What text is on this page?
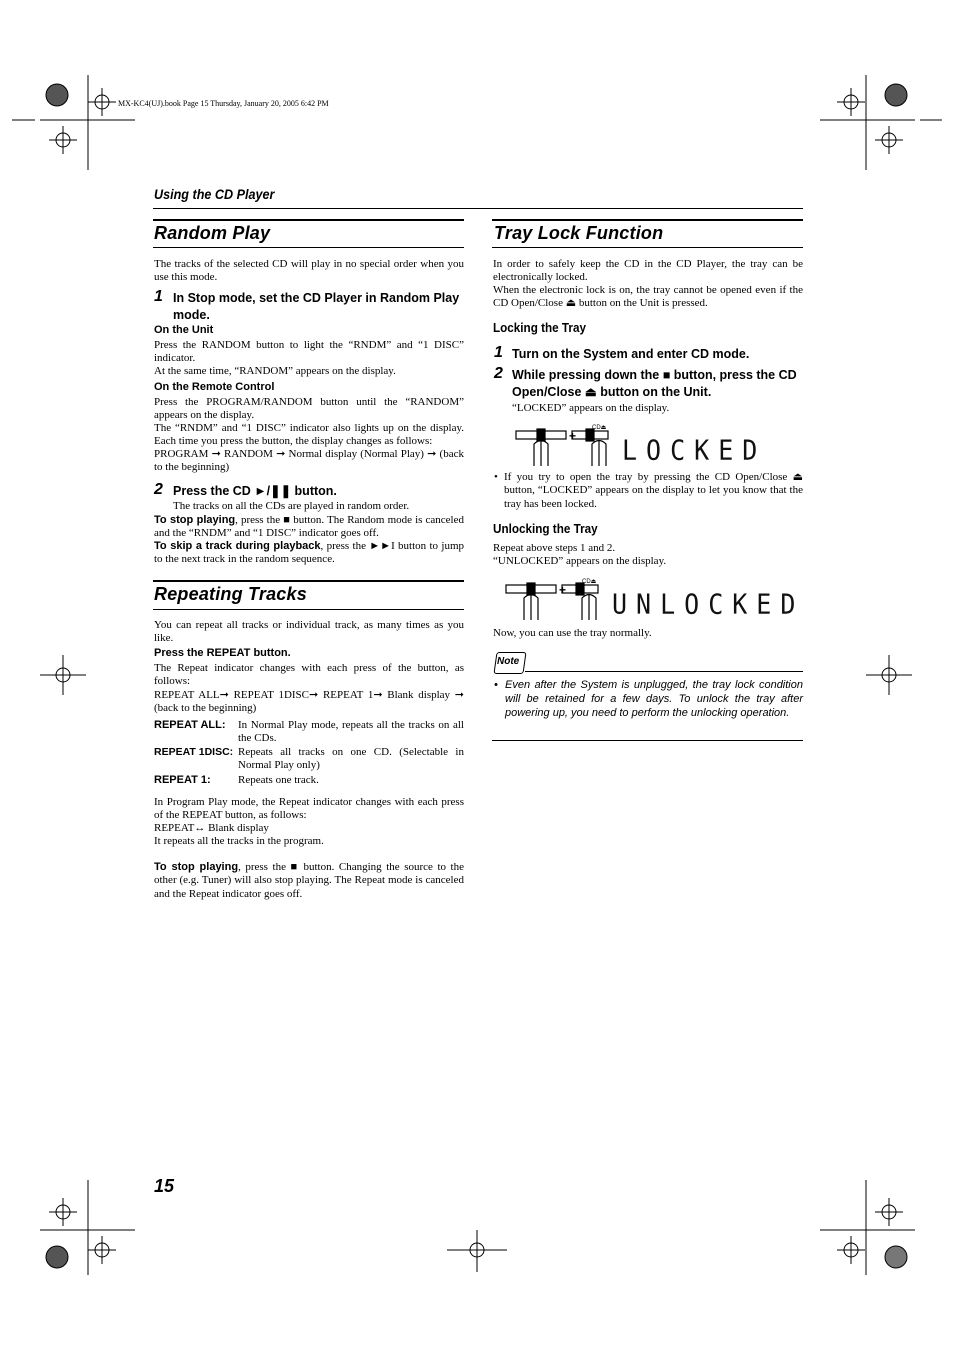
MX-KC4(UJ).book Page 15 Thursday, January 20, 2005 6:42 PM
Using the CD Player
Random Play
The tracks of the selected CD will play in no special order when you use this mode.
1 In Stop mode, set the CD Player in Random Play mode.
On the Unit
Press the RANDOM button to light the “RNDM” and “1 DISC” indicator.
At the same time, “RANDOM” appears on the display.
On the Remote Control
Press the PROGRAM/RANDOM button until the “RANDOM” appears on the display.
The “RNDM” and “1 DISC” indicator also lights up on the display. Each time you press the button, the display changes as follows:
PROGRAM ➞ RANDOM ➞ Normal display (Normal Play) ➞ (back to the beginning)
2 Press the CD ►/❚❚ button.
The tracks on all the CDs are played in random order.
To stop playing, press the ■ button. The Random mode is canceled and the “RNDM” and “1 DISC” indicator goes off.
To skip a track during playback, press the ►►I button to jump to the next track in the random sequence.
Repeating Tracks
You can repeat all tracks or individual track, as many times as you like.
Press the REPEAT button.
The Repeat indicator changes with each press of the button, as follows:
REPEAT ALL➞ REPEAT 1DISC➞ REPEAT 1➞ Blank display ➞ (back to the beginning)
REPEAT ALL: In Normal Play mode, repeats all the tracks on all the CDs.
REPEAT 1DISC: Repeats all tracks on one CD. (Selectable in Normal Play only)
REPEAT 1: Repeats one track.
In Program Play mode, the Repeat indicator changes with each press of the REPEAT button, as follows:
REPEAT↔ Blank display
It repeats all the tracks in the program.
To stop playing, press the ■ button. Changing the source to the other (e.g. Tuner) will also stop playing. The Repeat mode is canceled and the Repeat indicator goes off.
Tray Lock Function
In order to safely keep the CD in the CD Player, the tray can be electronically locked.
When the electronic lock is on, the tray cannot be opened even if the CD Open/Close ⏏ button on the Unit is pressed.
Locking the Tray
1 Turn on the System and enter CD mode.
2 While pressing down the ■ button, press the CD Open/Close ⏏ button on the Unit.
“LOCKED” appears on the display.
+
CD⏏
LOCKED
• If you try to open the tray by pressing the CD Open/Close ⏏ button, “LOCKED” appears on the display to let you know that the tray has been locked.
Unlocking the Tray
Repeat above steps 1 and 2.
“UNLOCKED” appears on the display.
+
CD⏏
UNLOCKED
Now, you can use the tray normally.
Note
• Even after the System is unplugged, the tray lock condition will be retained for a few days. To unlock the tray after powering up, you need to perform the unlocking operation.
15
